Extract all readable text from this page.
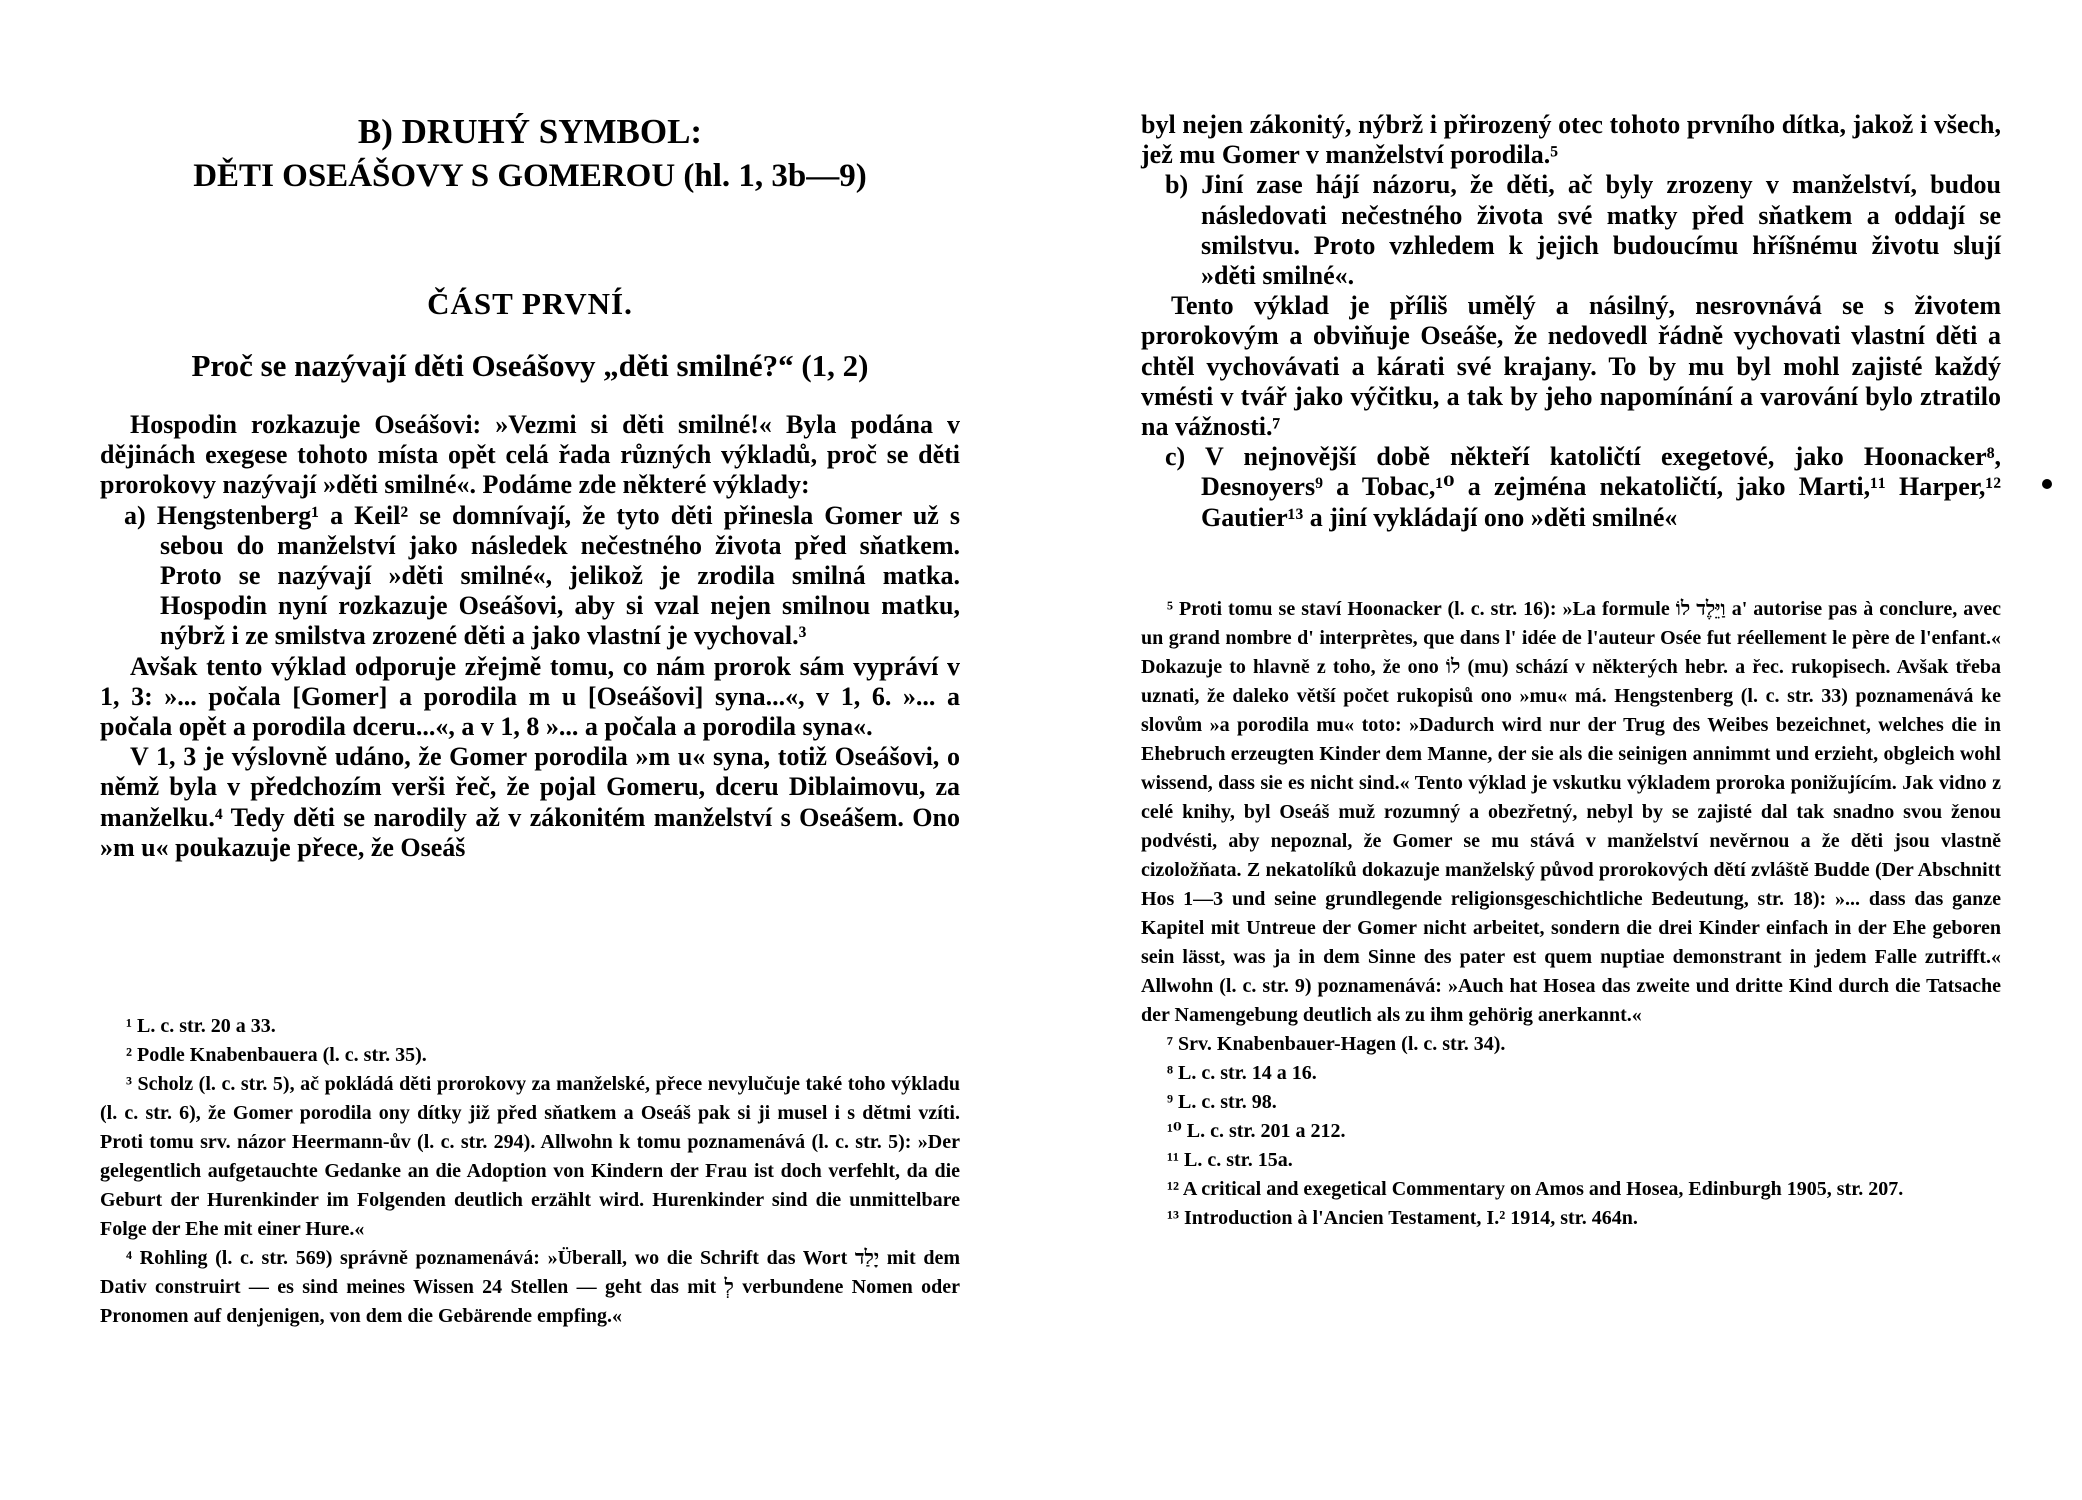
B) DRUHÝ SYMBOL:
DĚTI OSEÁŠOVY S GOMEROU (hl. 1, 3b—9)
ČÁST PRVNÍ.
Proč se nazývají děti Oseášovy „děti smilné?“ (1, 2)

Hospodin rozkazuje Oseášovi: »Vezmi si děti smilné!« Byla podána v dějinách exegese tohoto místa opět celá řada různých výkladů, proč se děti prorokovy nazývají »děti smilné«. Podáme zde některé výklady:

a) Hengstenberg¹ a Keil² se domnívají, že tyto děti přinesla Gomer už s sebou do manželství jako následek nečestného života před sňatkem. Proto se nazývají »děti smilné«, jelikož je zrodila smilná matka. Hospodin nyní rozkazuje Oseášovi, aby si vzal nejen smilnou matku, nýbrž i ze smilstva zrozené děti a jako vlastní je vychoval.³

Avšak tento výklad odporuje zřejmě tomu, co nám prorok sám vypráví v 1, 3: »... počala [Gomer] a porodila m u [Oseášovi] syna...«, v 1, 6. »... a počala opět a porodila dceru...«, a v 1, 8 »... a počala a porodila syna«.

V 1, 3 je výslovně udáno, že Gomer porodila »m u« syna, totiž Oseášovi, o němž byla v předchozím verši řeč, že pojal Gomeru, dceru Diblaimovu, za manželku.⁴ Tedy děti se narodily až v zákonitém manželství s Oseášem. Ono »m u« poukazuje přece, že Oseáš

¹ L. c. str. 20 a 33.

² Podle Knabenbauera (l. c. str. 35).

³ Scholz (l. c. str. 5), ač pokládá děti prorokovy za manželské, přece nevylučuje také toho výkladu (l. c. str. 6), že Gomer porodila ony dítky již před sňatkem a Oseáš pak si ji musel i s dětmi vzíti. Proti tomu srv. názor Heermann-ův (l. c. str. 294). Allwohn k tomu poznamenává (l. c. str. 5): »Der gelegentlich aufgetauchte Gedanke an die Adoption von Kindern der Frau ist doch verfehlt, da die Geburt der Hurenkinder im Folgenden deutlich erzählt wird. Hurenkinder sind die unmittelbare Folge der Ehe mit einer Hure.«

⁴ Rohling (l. c. str. 569) správně poznamenává: »Überall, wo die Schrift das Wort יָלַד mit dem Dativ construirt — es sind meines Wissen 24 Stellen — geht das mit לְ verbundene Nomen oder Pronomen auf denjenigen, von dem die Gebärende empfing.«

byl nejen zákonitý, nýbrž i přirozený otec tohoto prvního dítka, jakož i všech, jež mu Gomer v manželství porodila.⁵

b) Jiní zase hájí názoru, že děti, ač byly zrozeny v manželství, budou následovati nečestného života své matky před sňatkem a oddají se smilstvu. Proto vzhledem k jejich budoucímu hříšnému životu slují »děti smilné«.

Tento výklad je příliš umělý a násilný, nesrovnává se s životem prorokovým a obviňuje Oseáše, že nedovedl řádně vychovati vlastní děti a chtěl vychovávati a kárati své krajany. To by mu byl mohl zajisté každý vmésti v tvář jako výčitku, a tak by jeho napomínání a varování bylo ztratilo na vážnosti.⁷

c) V nejnovější době někteří katoličtí exegetové, jako Hoonacker⁸, Desnoyers⁹ a Tobac,¹⁰ a zejména nekatoličtí, jako Marti,¹¹ Harper,¹² Gautier¹³ a jiní vykládají ono »děti smilné«

⁵ Proti tomu se staví Hoonacker (l. c. str. 16): »La formule וַיֵּלֶד לוֹ a' autorise pas à conclure, avec un grand nombre d' interprètes, que dans l' idée de l'auteur Osée fut réellement le père de l'enfant.« Dokazuje to hlavně z toho, že ono לוֹ (mu) schází v některých hebr. a řec. rukopisech. Avšak třeba uznati, že daleko větší počet rukopisů ono »mu« má. Hengstenberg (l. c. str. 33) poznamenává ke slovům »a porodila mu« toto: »Dadurch wird nur der Trug des Weibes bezeichnet, welches die in Ehebruch erzeugten Kinder dem Manne, der sie als die seinigen annimmt und erzieht, obgleich wohl wissend, dass sie es nicht sind.« Tento výklad je vskutku výkladem proroka ponižujícím. Jak vidno z celé knihy, byl Oseáš muž rozumný a obezřetný, nebyl by se zajisté dal tak snadno svou ženou podvésti, aby nepoznal, že Gomer se mu stává v manželství nevěrnou a že děti jsou vlastně cizoložňata. Z nekatolíků dokazuje manželský původ prorokových dětí zvláště Budde (Der Abschnitt Hos 1—3 und seine grundlegende religionsgeschichtliche Bedeutung, str. 18): »... dass das ganze Kapitel mit Untreue der Gomer nicht arbeitet, sondern die drei Kinder einfach in der Ehe geboren sein lässt, was ja in dem Sinne des pater est quem nuptiae demonstrant in jedem Falle zutrifft.« Allwohn (l. c. str. 9) poznamenává: »Auch hat Hosea das zweite und dritte Kind durch die Tatsache der Namengebung deutlich als zu ihm gehörig anerkannt.«

⁷ Srv. Knabenbauer-Hagen (l. c. str. 34).

⁸ L. c. str. 14 a 16.

⁹ L. c. str. 98.

¹⁰ L. c. str. 201 a 212.

¹¹ L. c. str. 15a.

¹² A critical and exegetical Commentary on Amos and Hosea, Edinburgh 1905, str. 207.

¹³ Introduction à l'Ancien Testament, I.² 1914, str. 464n.
